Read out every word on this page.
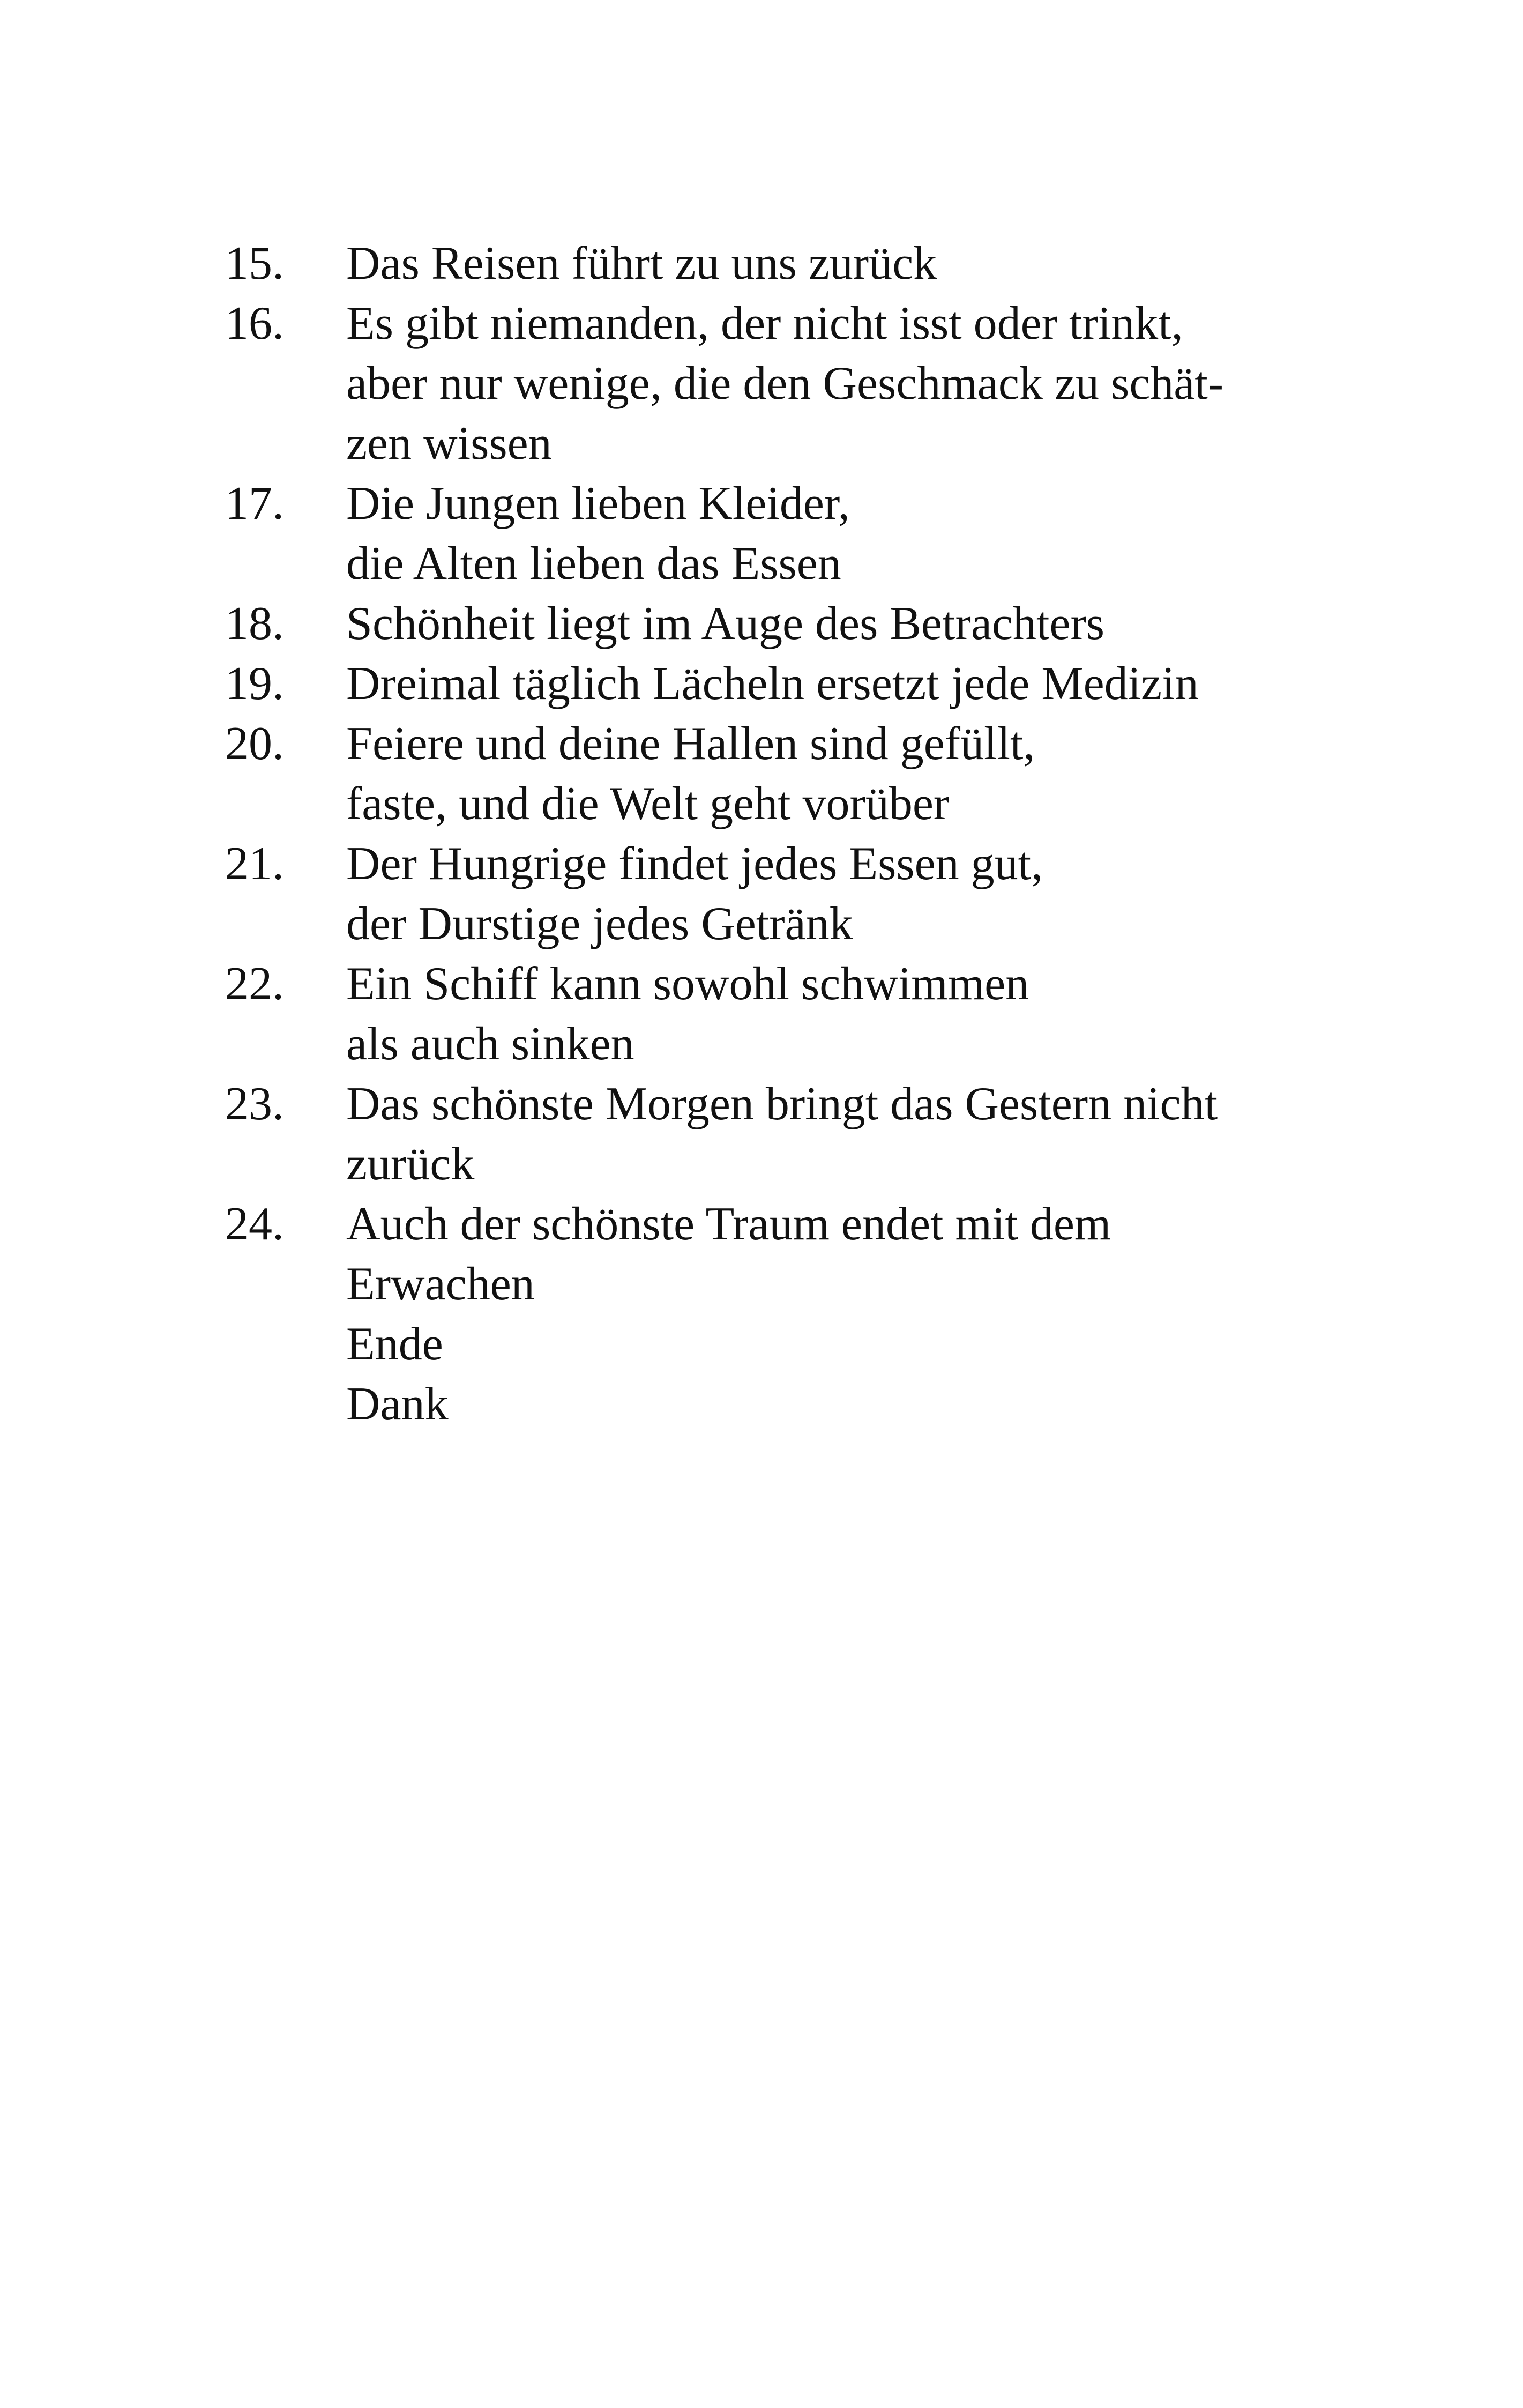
15.	Das Reisen führt zu uns zurück
16.	Es gibt niemanden, der nicht isst oder trinkt,
aber nur wenige, die den Geschmack zu schät-
zen wissen
17.	Die Jungen lieben Kleider,
die Alten lieben das Essen
18.	Schönheit liegt im Auge des Betrachters
19.	Dreimal täglich Lächeln ersetzt jede Medizin
20.	Feiere und deine Hallen sind gefüllt,
faste, und die Welt geht vorüber
21.	Der Hungrige findet jedes Essen gut,
der Durstige jedes Getränk
22.	Ein Schiff kann sowohl schwimmen
als auch sinken
23.	Das schönste Morgen bringt das Gestern nicht
zurück
24.	Auch der schönste Traum endet mit dem
Erwachen
Ende
Dank
